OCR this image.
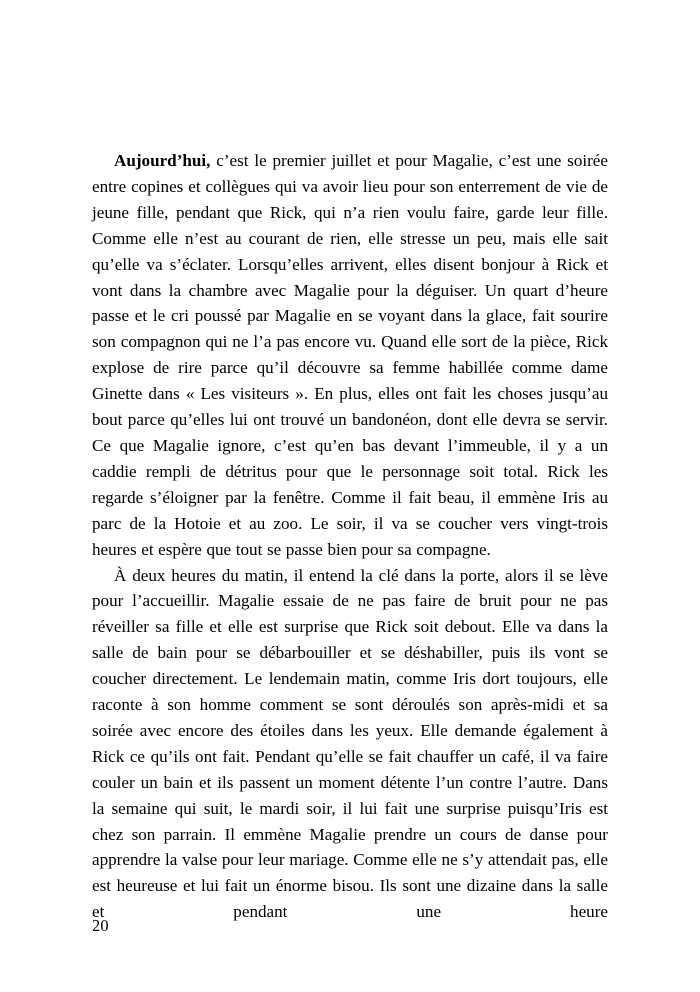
Aujourd’hui, c’est le premier juillet et pour Magalie, c’est une soirée entre copines et collègues qui va avoir lieu pour son enterrement de vie de jeune fille, pendant que Rick, qui n’a rien voulu faire, garde leur fille. Comme elle n’est au courant de rien, elle stresse un peu, mais elle sait qu’elle va s’éclater. Lorsqu’elles arrivent, elles disent bonjour à Rick et vont dans la chambre avec Magalie pour la déguiser. Un quart d’heure passe et le cri poussé par Magalie en se voyant dans la glace, fait sourire son compagnon qui ne l’a pas encore vu. Quand elle sort de la pièce, Rick explose de rire parce qu’il découvre sa femme habillée comme dame Ginette dans « Les visiteurs ». En plus, elles ont fait les choses jusqu’au bout parce qu’elles lui ont trouvé un bandonéon, dont elle devra se servir. Ce que Magalie ignore, c’est qu’en bas devant l’immeuble, il y a un caddie rempli de détritus pour que le personnage soit total. Rick les regarde s’éloigner par la fenêtre. Comme il fait beau, il emmène Iris au parc de la Hotoie et au zoo. Le soir, il va se coucher vers vingt-trois heures et espère que tout se passe bien pour sa compagne.

À deux heures du matin, il entend la clé dans la porte, alors il se lève pour l’accueillir. Magalie essaie de ne pas faire de bruit pour ne pas réveiller sa fille et elle est surprise que Rick soit debout. Elle va dans la salle de bain pour se débarbouiller et se déshabiller, puis ils vont se coucher directement. Le lendemain matin, comme Iris dort toujours, elle raconte à son homme comment se sont déroulés son après-midi et sa soirée avec encore des étoiles dans les yeux. Elle demande également à Rick ce qu’ils ont fait. Pendant qu’elle se fait chauffer un café, il va faire couler un bain et ils passent un moment détente l’un contre l’autre. Dans la semaine qui suit, le mardi soir, il lui fait une surprise puisqu’Iris est chez son parrain. Il emmène Magalie prendre un cours de danse pour apprendre la valse pour leur mariage. Comme elle ne s’y attendait pas, elle est heureuse et lui fait un énorme bisou. Ils sont une dizaine dans la salle et pendant une heure

20
